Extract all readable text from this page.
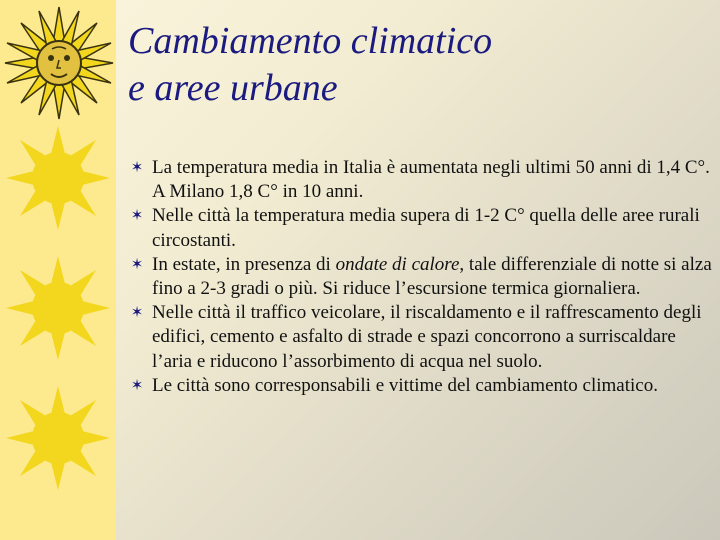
Cambiamento climatico
e aree urbane
✶ La temperatura media in Italia è aumentata negli ultimi 50 anni di 1,4 C°. A Milano 1,8 C° in 10 anni.
✶ Nelle città la temperatura media supera di 1-2 C° quella delle aree rurali circostanti.
✶ In estate, in presenza di ondate di calore, tale differenziale di notte si alza fino a 2-3 gradi o più. Si riduce l’escursione termica giornaliera.
✶ Nelle città il traffico veicolare, il riscaldamento e il raffrescamento degli edifici, cemento e asfalto di strade e spazi concorrono a surriscaldare l’aria e riducono l’assorbimento di acqua nel suolo.
✶ Le città sono corresponsabili e vittime del cambiamento climatico.
